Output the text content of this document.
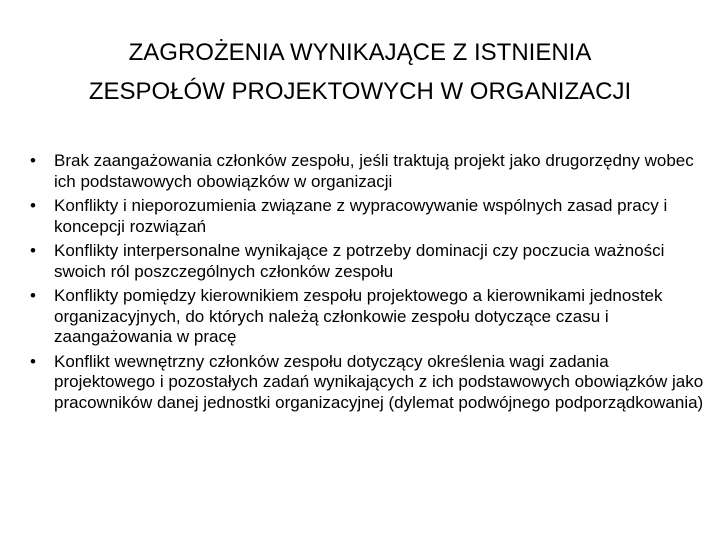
ZAGROŻENIA WYNIKAJĄCE Z ISTNIENIA
ZESPOŁÓW PROJEKTOWYCH W ORGANIZACJI
• Brak zaangażowania członków zespołu, jeśli traktują projekt jako drugorzędny wobec ich podstawowych obowiązków w organizacji
• Konflikty i nieporozumienia związane z wypracowywanie wspólnych zasad pracy i koncepcji rozwiązań
• Konflikty interpersonalne wynikające z potrzeby dominacji czy poczucia ważności swoich ról poszczególnych członków zespołu
• Konflikty pomiędzy kierownikiem zespołu projektowego a kierownikami jednostek organizacyjnych, do których należą członkowie zespołu dotyczące czasu i zaangażowania w pracę
• Konflikt wewnętrzny członków zespołu dotyczący określenia wagi zadania projektowego i pozostałych zadań wynikających z ich podstawowych obowiązków jako pracowników danej jednostki organizacyjnej (dylemat podwójnego podporządkowania)
